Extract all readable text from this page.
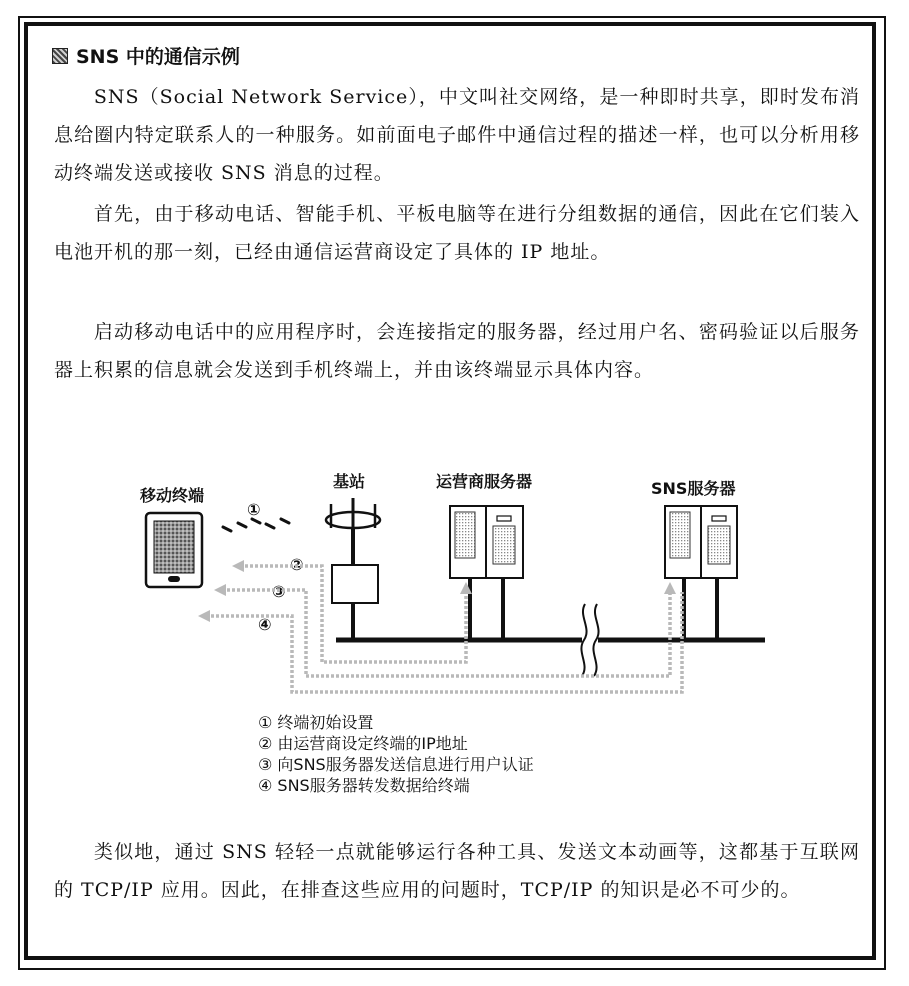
SNS 中的通信示例
SNS（Social Network Service），中文叫社交网络，是一种即时共享，即时发布消息给圈内特定联系人的一种服务。如前面电子邮件中通信过程的描述一样，也可以分析用移动终端发送或接收 SNS 消息的过程。
首先，由于移动电话、智能手机、平板电脑等在进行分组数据的通信，因此在它们装入电池开机的那一刻，已经由通信运营商设定了具体的 IP 地址。
启动移动电话中的应用程序时，会连接指定的服务器，经过用户名、密码验证以后服务器上积累的信息就会发送到手机终端上，并由该终端显示具体内容。
移动终端
基站	运营商服务器	SNS服务器
①
②
③
④
① 终端初始设置
② 由运营商设定终端的IP地址
③ 向SNS服务器发送信息进行用户认证
④ SNS服务器转发数据给终端
类似地，通过 SNS 轻轻一点就能够运行各种工具、发送文本动画等，这都基于互联网的 TCP/IP 应用。因此，在排查这些应用的问题时，TCP/IP 的知识是必不可少的。
